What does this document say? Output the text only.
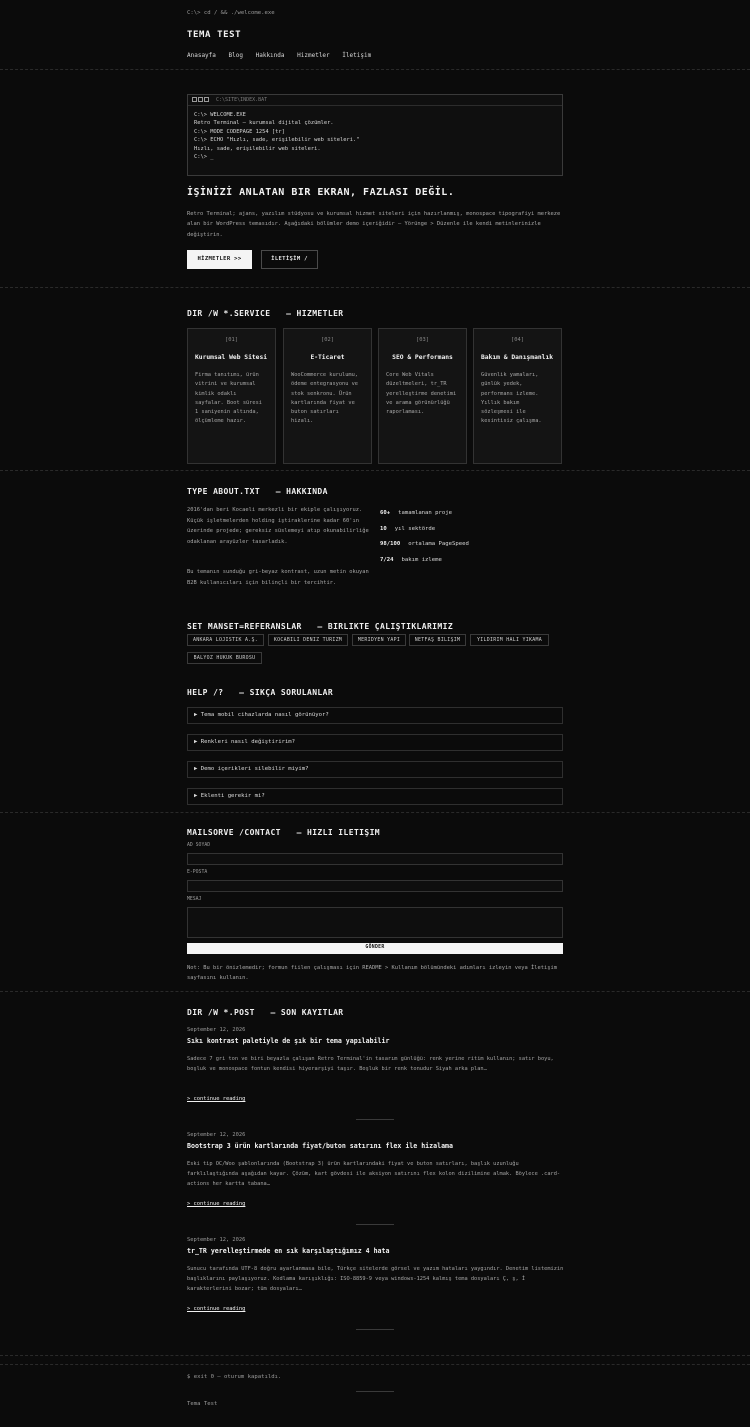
C:\> cd / && ./welcome.exe
TEMA TEST
Anasayfa Blog Hakkında Hizmetler İletişim
C:\SITE\INDEX.BAT
C:\> WELCOME.EXE
Retro Terminal — kurumsal dijital çözümler.
C:\> MODE CODEPAGE 1254 [tr]
C:\> ECHO "Hızlı, sade, erişilebilir web siteleri."
Hızlı, sade, erişilebilir web siteleri.
C:\> _
İŞİNİZİ ANLATAN BIR EKRAN, FAZLASI DEĞİL.
Retro Terminal; ajans, yazılım stüdyosu ve kurumsal hizmet siteleri için hazırlanmış, monospace tipografiyi merkeze alan bir WordPress temasıdır. Aşağıdaki bölümler demo içeriğidir — Yörünge > Düzenle ile kendi metinlerinizle değiştirin.
HİZMETLER >>	İLETİŞİM /
DIR /W *.SERVICE — HIZMETLER
[01]
Kurumsal Web Sitesi
Firma tanıtımı, ürün vitrini ve kurumsal kimlik odaklı sayfalar. Boot süresi 1 saniyenin altında, ölçümleme hazır.
[02]
E-Ticaret
WooCommerce kurulumu, ödeme entegrasyonu ve stok senkronu. Ürün kartlarında fiyat ve buton satırları hizalı.
[03]
SEO & Performans
Core Web Vitals düzeltmeleri, tr_TR yerelleştirme denetimi ve arama görünürlüğü raporlaması.
[04]
Bakım & Danışmanlık
Güvenlik yamaları, günlük yedek, performans izleme. Yıllık bakım sözleşmesi ile kesintisiz çalışma.
TYPE ABOUT.TXT — HAKKINDA
2016'dan beri Kocaeli merkezli bir ekiple çalışıyoruz. Küçük işletmelerden holding iştiraklerine kadar 60'ın üzerinde projede; gereksiz süslemeyi atıp okunabilirliğe odaklanan arayüzler tasarladık.
Bu temanın sunduğu gri-beyaz kontrast, uzun metin okuyan B2B kullanıcıları için bilinçli bir tercihtir.
60+ tamamlanan proje
10 yıl sektörde
98/100 ortalama PageSpeed
7/24 bakım izleme
SET MANSET=REFERANSLAR — BIRLIKTE ÇALIŞTIKLARIMIZ
ANKARA LOJISTIK A.Ş.	KOCABILI DENIZ TURIZM	MERIDYEN YAPI	NETFAŞ BILIŞIM	YILDIRIM HALI YIKAMA
BALYOZ HUKUK BUROSU
HELP /? — SIKÇA SORULANLAR
▶ Tema mobil cihazlarda nasıl görünüyor?
▶ Renkleri nasıl değiştiririm?
▶ Demo içerikleri silebilir miyim?
▶ Eklenti gerekir mi?
MAILSORVE /CONTACT — HIZLI ILETIŞIM
AD SOYAD
E-POSTA
MESAJ
GÖNDER
Not: Bu bir önizlemedir; formun fiilen çalışması için README > Kullanım bölümündeki adımları izleyin veya İletişim sayfasını kullanın.
DIR /W *.POST — SON KAYITLAR
September 12, 2026
Sıkı kontrast paletiyle de şık bir tema yapılabilir
Sadece 7 gri ton ve biri beyazla çalışan Retro Terminal'in tasarım günlüğü: renk yerine ritim kullanın; satır boyu, boşluk ve monospace fontun kendisi hiyerarşiyi taşır. Boşluk bir renk tonudur Siyah arka plan…
> continue reading
September 12, 2026
Bootstrap 3 ürün kartlarında fiyat/buton satırını flex ile hizalama
Eski tip OC/Woo şablonlarında (Bootstrap 3) ürün kartlarındaki fiyat ve buton satırları, başlık uzunluğu farklılaştığında aşağıdan kayar. Çözüm, kart gövdesi ile aksiyon satırını flex kolon dizilimine almak. Böylece .card-actions her kartta tabana…
> continue reading
September 12, 2026
tr_TR yerelleştirmede en sık karşılaştığımız 4 hata
Sunucu tarafında UTF-8 doğru ayarlanmasa bile, Türkçe sitelerde görsel ve yazım hataları yaygındır. Denetim listemizin başlıklarını paylaşıyoruz. Kodlama karışıklığı: ISO-8859-9 veya windows-1254 kalmış tema dosyaları Ç, ş, İ karakterlerini bozar; tüm dosyaları…
> continue reading
$ exit 0 — oturum kapatıldı.
Tema Test
